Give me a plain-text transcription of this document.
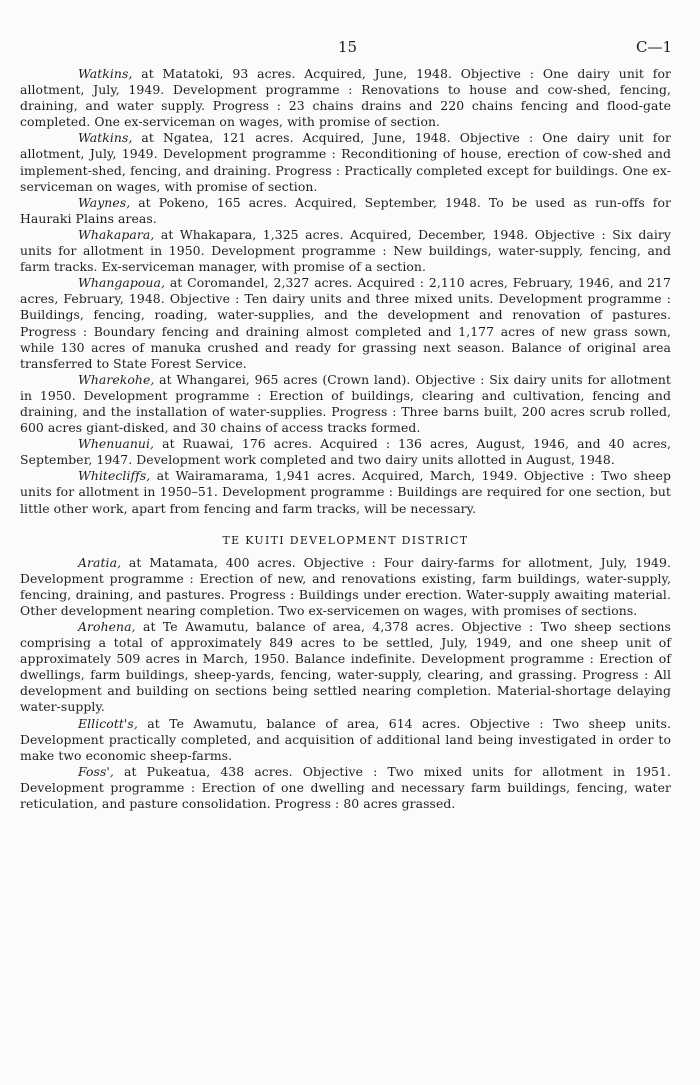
15	C—1

Watkins, at Matatoki, 93 acres. Acquired, June, 1948. Objective : One dairy unit for allotment, July, 1949. Development programme : Renovations to house and cow-shed, fencing, draining, and water supply. Progress : 23 chains drains and 220 chains fencing and flood-gate completed. One ex-serviceman on wages, with promise of section.

Watkins, at Ngatea, 121 acres. Acquired, June, 1948. Objective : One dairy unit for allotment, July, 1949. Development programme : Reconditioning of house, erection of cow-shed and implement-shed, fencing, and draining. Progress : Practically completed except for buildings. One ex-serviceman on wages, with promise of section.

Waynes, at Pokeno, 165 acres. Acquired, September, 1948. To be used as run-offs for Hauraki Plains areas.

Whakapara, at Whakapara, 1,325 acres. Acquired, December, 1948. Objective : Six dairy units for allotment in 1950. Development programme : New buildings, water-supply, fencing, and farm tracks. Ex-serviceman manager, with promise of a section.

Whangapoua, at Coromandel, 2,327 acres. Acquired : 2,110 acres, February, 1946, and 217 acres, February, 1948. Objective : Ten dairy units and three mixed units. Development programme : Buildings, fencing, roading, water-supplies, and the development and renovation of pastures. Progress : Boundary fencing and draining almost completed and 1,177 acres of new grass sown, while 130 acres of manuka crushed and ready for grassing next season. Balance of original area transferred to State Forest Service.

Wharekohe, at Whangarei, 965 acres (Crown land). Objective : Six dairy units for allotment in 1950. Development programme : Erection of buildings, clearing and cultivation, fencing and draining, and the installation of water-supplies. Progress : Three barns built, 200 acres scrub rolled, 600 acres giant-disked, and 30 chains of access tracks formed.

Whenuanui, at Ruawai, 176 acres. Acquired : 136 acres, August, 1946, and 40 acres, September, 1947. Development work completed and two dairy units allotted in August, 1948.

Whitecliffs, at Wairamarama, 1,941 acres. Acquired, March, 1949. Objective : Two sheep units for allotment in 1950–51. Development programme : Buildings are required for one section, but little other work, apart from fencing and farm tracks, will be necessary.

TE KUITI DEVELOPMENT DISTRICT

Aratia, at Matamata, 400 acres. Objective : Four dairy-farms for allotment, July, 1949. Development programme : Erection of new, and renovations existing, farm buildings, water-supply, fencing, draining, and pastures. Progress : Buildings under erection. Water-supply awaiting material. Other development nearing completion. Two ex-servicemen on wages, with promises of sections.

Arohena, at Te Awamutu, balance of area, 4,378 acres. Objective : Two sheep sections comprising a total of approximately 849 acres to be settled, July, 1949, and one sheep unit of approximately 509 acres in March, 1950. Balance indefinite. Development programme : Erection of dwellings, farm buildings, sheep-yards, fencing, water-supply, clearing, and grassing. Progress : All development and building on sections being settled nearing completion. Material-shortage delaying water-supply.

Ellicott's, at Te Awamutu, balance of area, 614 acres. Objective : Two sheep units. Development practically completed, and acquisition of additional land being investigated in order to make two economic sheep-farms.

Foss', at Pukeatua, 438 acres. Objective : Two mixed units for allotment in 1951. Development programme : Erection of one dwelling and necessary farm buildings, fencing, water reticulation, and pasture consolidation. Progress : 80 acres grassed.
